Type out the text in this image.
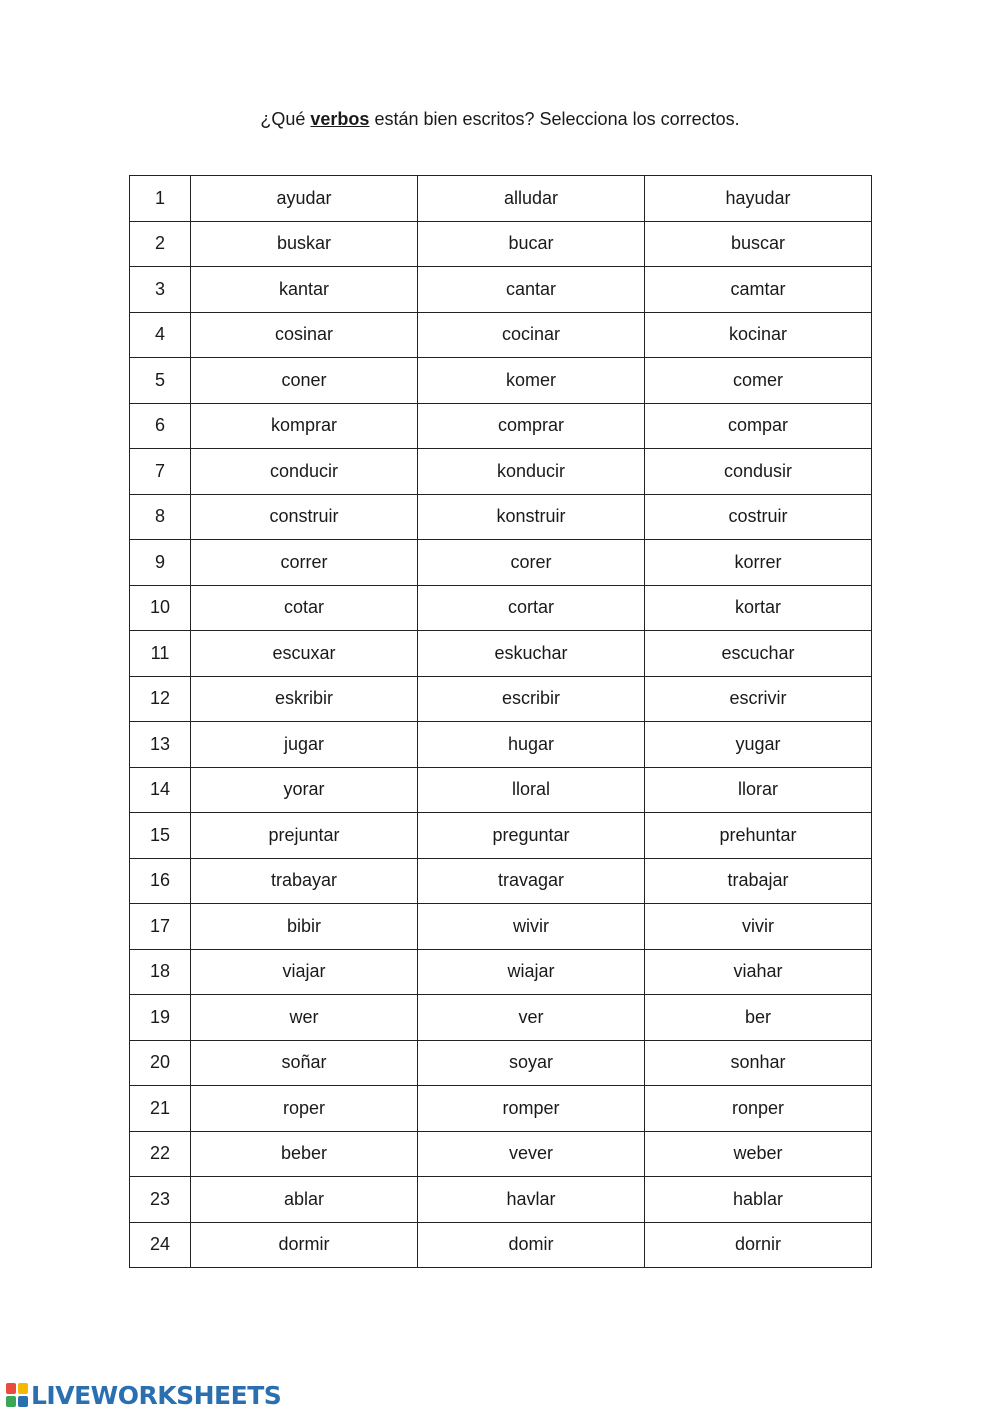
¿Qué verbos están bien escritos? Selecciona los correctos.
1	ayudar	alludar	hayudar
2	buskar	bucar	buscar
3	kantar	cantar	camtar
4	cosinar	cocinar	kocinar
5	coner	komer	comer
6	komprar	comprar	compar
7	conducir	konducir	condusir
8	construir	konstruir	costruir
9	correr	corer	korrer
10	cotar	cortar	kortar
11	escuxar	eskuchar	escuchar
12	eskribir	escribir	escrivir
13	jugar	hugar	yugar
14	yorar	lloral	llorar
15	prejuntar	preguntar	prehuntar
16	trabayar	travagar	trabajar
17	bibir	wivir	vivir
18	viajar	wiajar	viahar
19	wer	ver	ber
20	soñar	soyar	sonhar
21	roper	romper	ronper
22	beber	vever	weber
23	ablar	havlar	hablar
24	dormir	domir	dornir
LIVEWORKSHEETS
